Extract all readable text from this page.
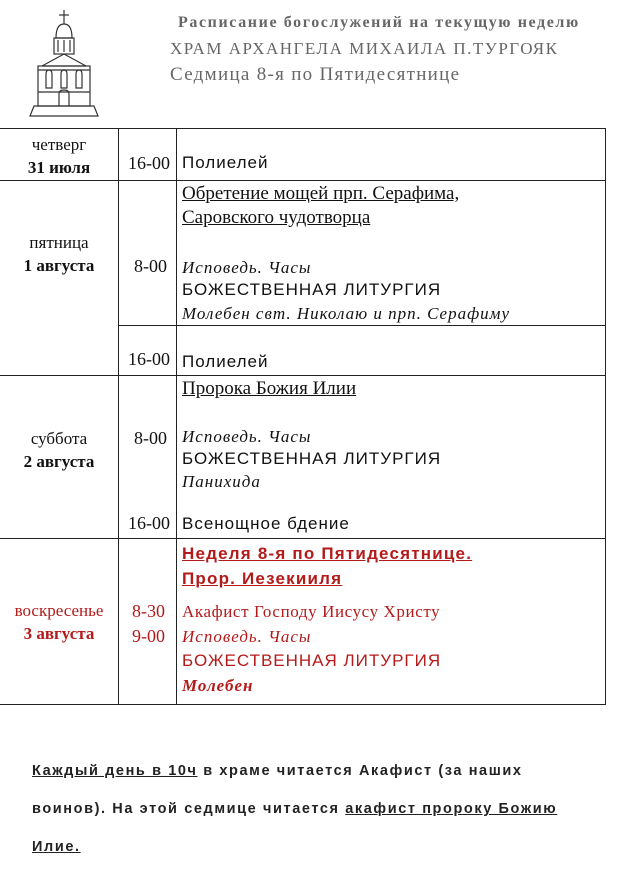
Расписание богослужений на текущую неделю
ХРАМ АРХАНГЕЛА МИХАИЛА П.ТУРГОЯК
Седмица 8-я по Пятидесятнице
четверг
31 июля	16-00 Полиелей
пятница
1 августа
Обретение мощей прп. Серафима,
Саровского чудотворца
8-00 Исповедь. Часы
БОЖЕСТВЕННАЯ ЛИТУРГИЯ
Молебен свт. Николаю и прп. Серафиму
16-00 Полиелей
суббота
2 августа
Пророка Божия Илии
8-00 Исповедь. Часы
БОЖЕСТВЕННАЯ ЛИТУРГИЯ
Панихида
16-00 Всенощное бдение
воскресенье
3 августа
Неделя 8-я по Пятидесятнице.
Прор. Иезекииля
8-30
9-00
Акафист Господу Иисусу Христу
Исповедь. Часы
БОЖЕСТВЕННАЯ ЛИТУРГИЯ
Молебен
Каждый день в 10ч в храме читается Акафист (за наших
воинов). На этой седмице читается акафист пророку Божию
Илие.
